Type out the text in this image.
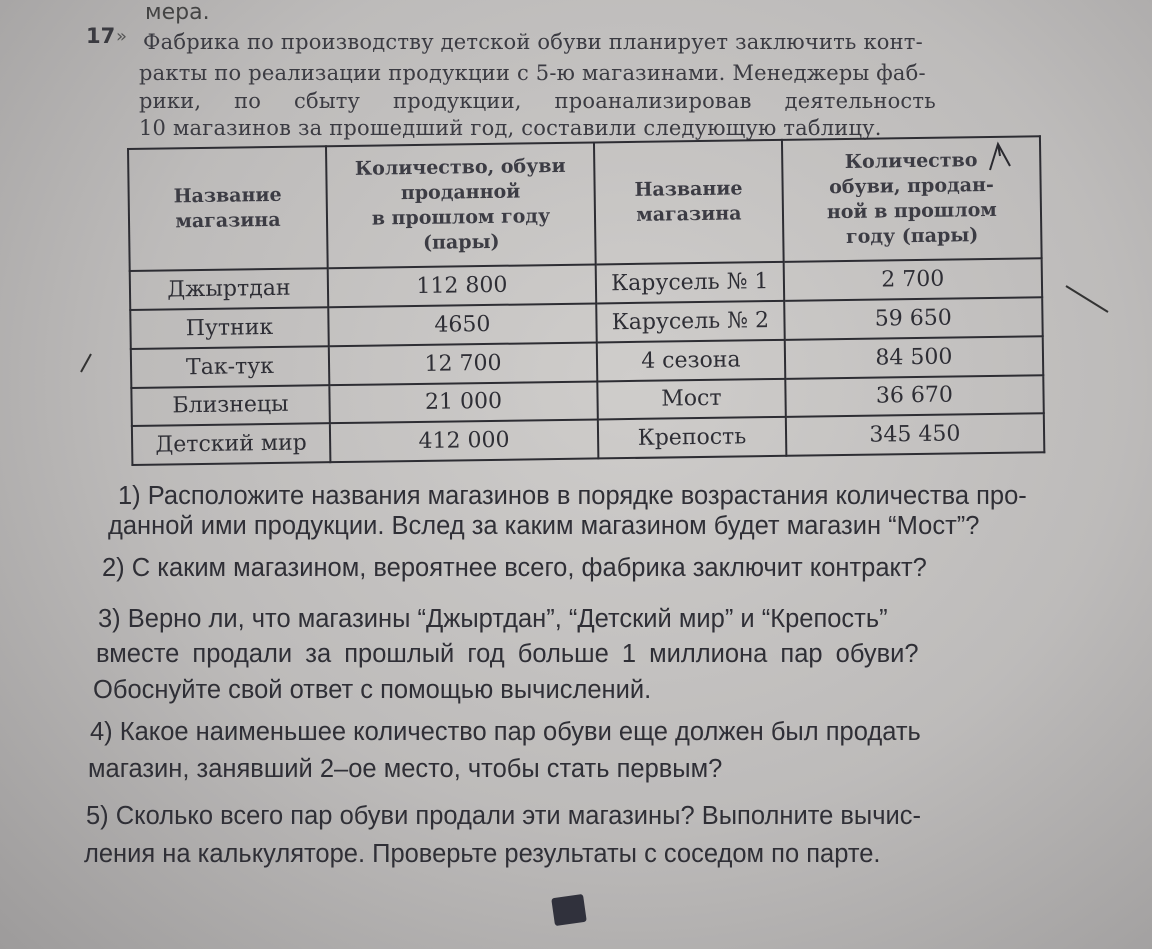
мера.
17 » Фабрика по производству детской обуви планирует заключить конт-
ракты по реализации продукции с 5-ю магазинами. Менеджеры фаб-
рики, по сбыту продукции, проанализировав деятельность
10 магазинов за прошедший год, составили следующую таблицу.
Название
магазина	Количество, обуви
проданной
в прошлом году
(пары)	Название
магазина	Количество
обуви, продан-
ной в прошлом
году (пары)
Джыртдан	112 800	Карусель № 1	2 700
Путник	4650	Карусель № 2	59 650
Так-тук	12 700	4 сезона	84 500
Близнецы	21 000	Мост	36 670
Детский мир	412 000	Крепость	345 450
1) Расположите названия магазинов в порядке возрастания количества про-
данной ими продукции. Вслед за каким магазином будет магазин “Мост”?
2) С каким магазином, вероятнее всего, фабрика заключит контракт?
3) Верно ли, что магазины “Джыртдан”, “Детский мир” и “Крепость”
вместе продали за прошлый год больше 1 миллиона пар обуви?
Обоснуйте свой ответ с помощью вычислений.
4) Какое наименьшее количество пар обуви еще должен был продать
магазин, занявший 2–ое место, чтобы стать первым?
5) Сколько всего пар обуви продали эти магазины? Выполните вычис-
ления на калькуляторе. Проверьте результаты с соседом по парте.
